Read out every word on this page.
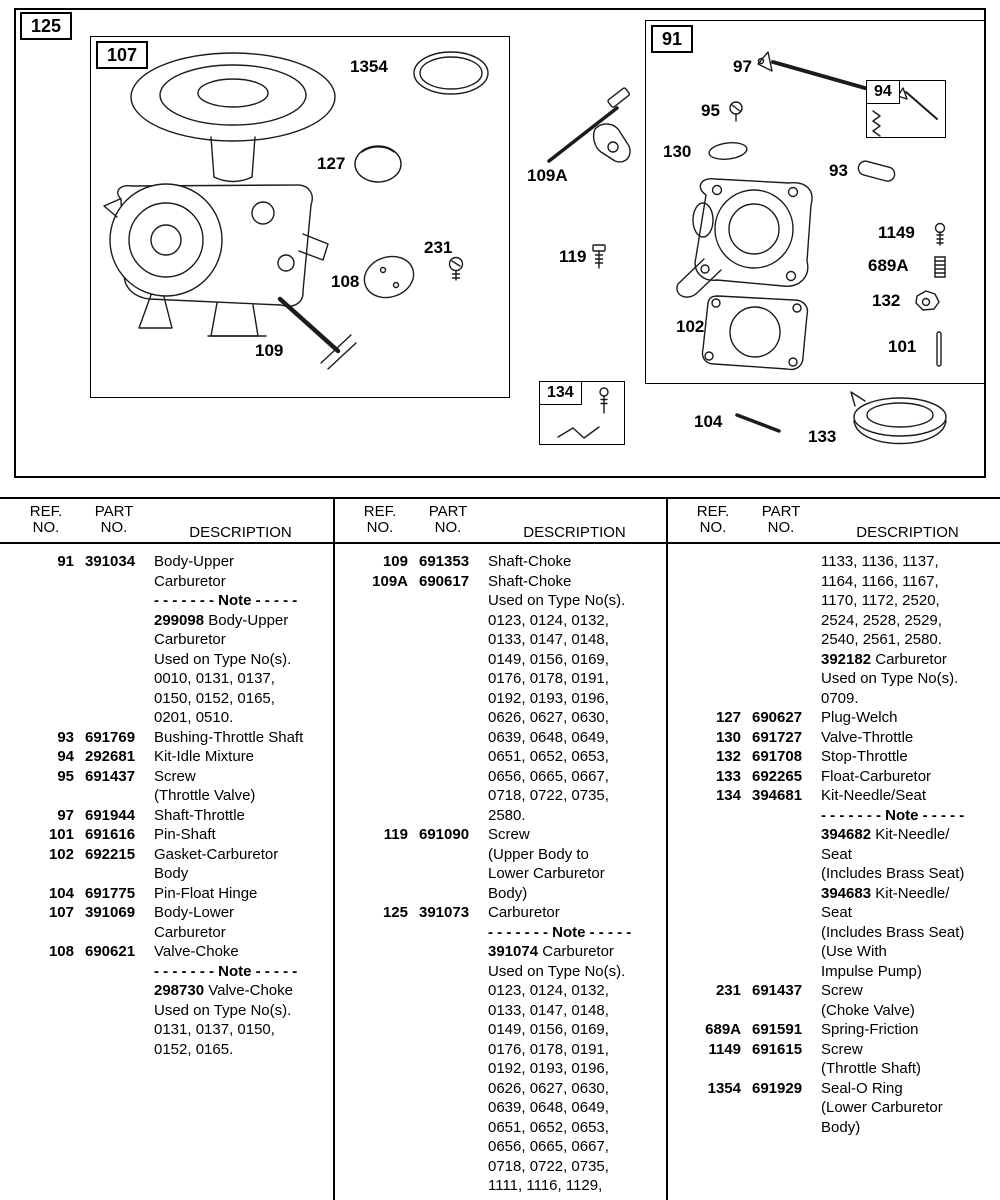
125
107
91
134
94
1354
127
231
108
109
109A
119
97
95
130
93
1149
689A
132
101
102
104
133
REF.
NO.
PART
NO.	DESCRIPTION
91 391034	Body-Upper
Carburetor
- - - - - - - Note - - - - -
299098 Body-Upper
Carburetor
Used on Type No(s).
0010, 0131, 0137,
0150, 0152, 0165,
0201, 0510.
93 691769	Bushing-Throttle Shaft
94 292681	Kit-Idle Mixture
95 691437	Screw
(Throttle Valve)
97 691944	Shaft-Throttle
101 691616	Pin-Shaft
102 692215	Gasket-Carburetor
Body
104 691775	Pin-Float Hinge
107 391069	Body-Lower
Carburetor
108 690621	Valve-Choke
- - - - - - - Note - - - - -
298730 Valve-Choke
Used on Type No(s).
0131, 0137, 0150,
0152, 0165.
REF.
NO.
PART
NO.	DESCRIPTION
109 691353	Shaft-Choke
109A 690617	Shaft-Choke
Used on Type No(s).
0123, 0124, 0132,
0133, 0147, 0148,
0149, 0156, 0169,
0176, 0178, 0191,
0192, 0193, 0196,
0626, 0627, 0630,
0639, 0648, 0649,
0651, 0652, 0653,
0656, 0665, 0667,
0718, 0722, 0735,
2580.
119 691090	Screw
(Upper Body to
Lower Carburetor
Body)
125 391073	Carburetor
- - - - - - - Note - - - - -
391074 Carburetor
Used on Type No(s).
0123, 0124, 0132,
0133, 0147, 0148,
0149, 0156, 0169,
0176, 0178, 0191,
0192, 0193, 0196,
0626, 0627, 0630,
0639, 0648, 0649,
0651, 0652, 0653,
0656, 0665, 0667,
0718, 0722, 0735,
1111, 1116, 1129,
REF.
NO.
PART
NO.	DESCRIPTION
1133, 1136, 1137,
1164, 1166, 1167,
1170, 1172, 2520,
2524, 2528, 2529,
2540, 2561, 2580.
392182 Carburetor
Used on Type No(s).
0709.
127 690627	Plug-Welch
130 691727	Valve-Throttle
132 691708	Stop-Throttle
133 692265	Float-Carburetor
134 394681	Kit-Needle/Seat
- - - - - - - Note - - - - -
394682 Kit-Needle/
Seat
(Includes Brass Seat)
394683 Kit-Needle/
Seat
(Includes Brass Seat)
(Use With
Impulse Pump)
231 691437	Screw
(Choke Valve)
689A 691591	Spring-Friction
1149 691615	Screw
(Throttle Shaft)
1354 691929	Seal-O Ring
(Lower Carburetor
Body)
